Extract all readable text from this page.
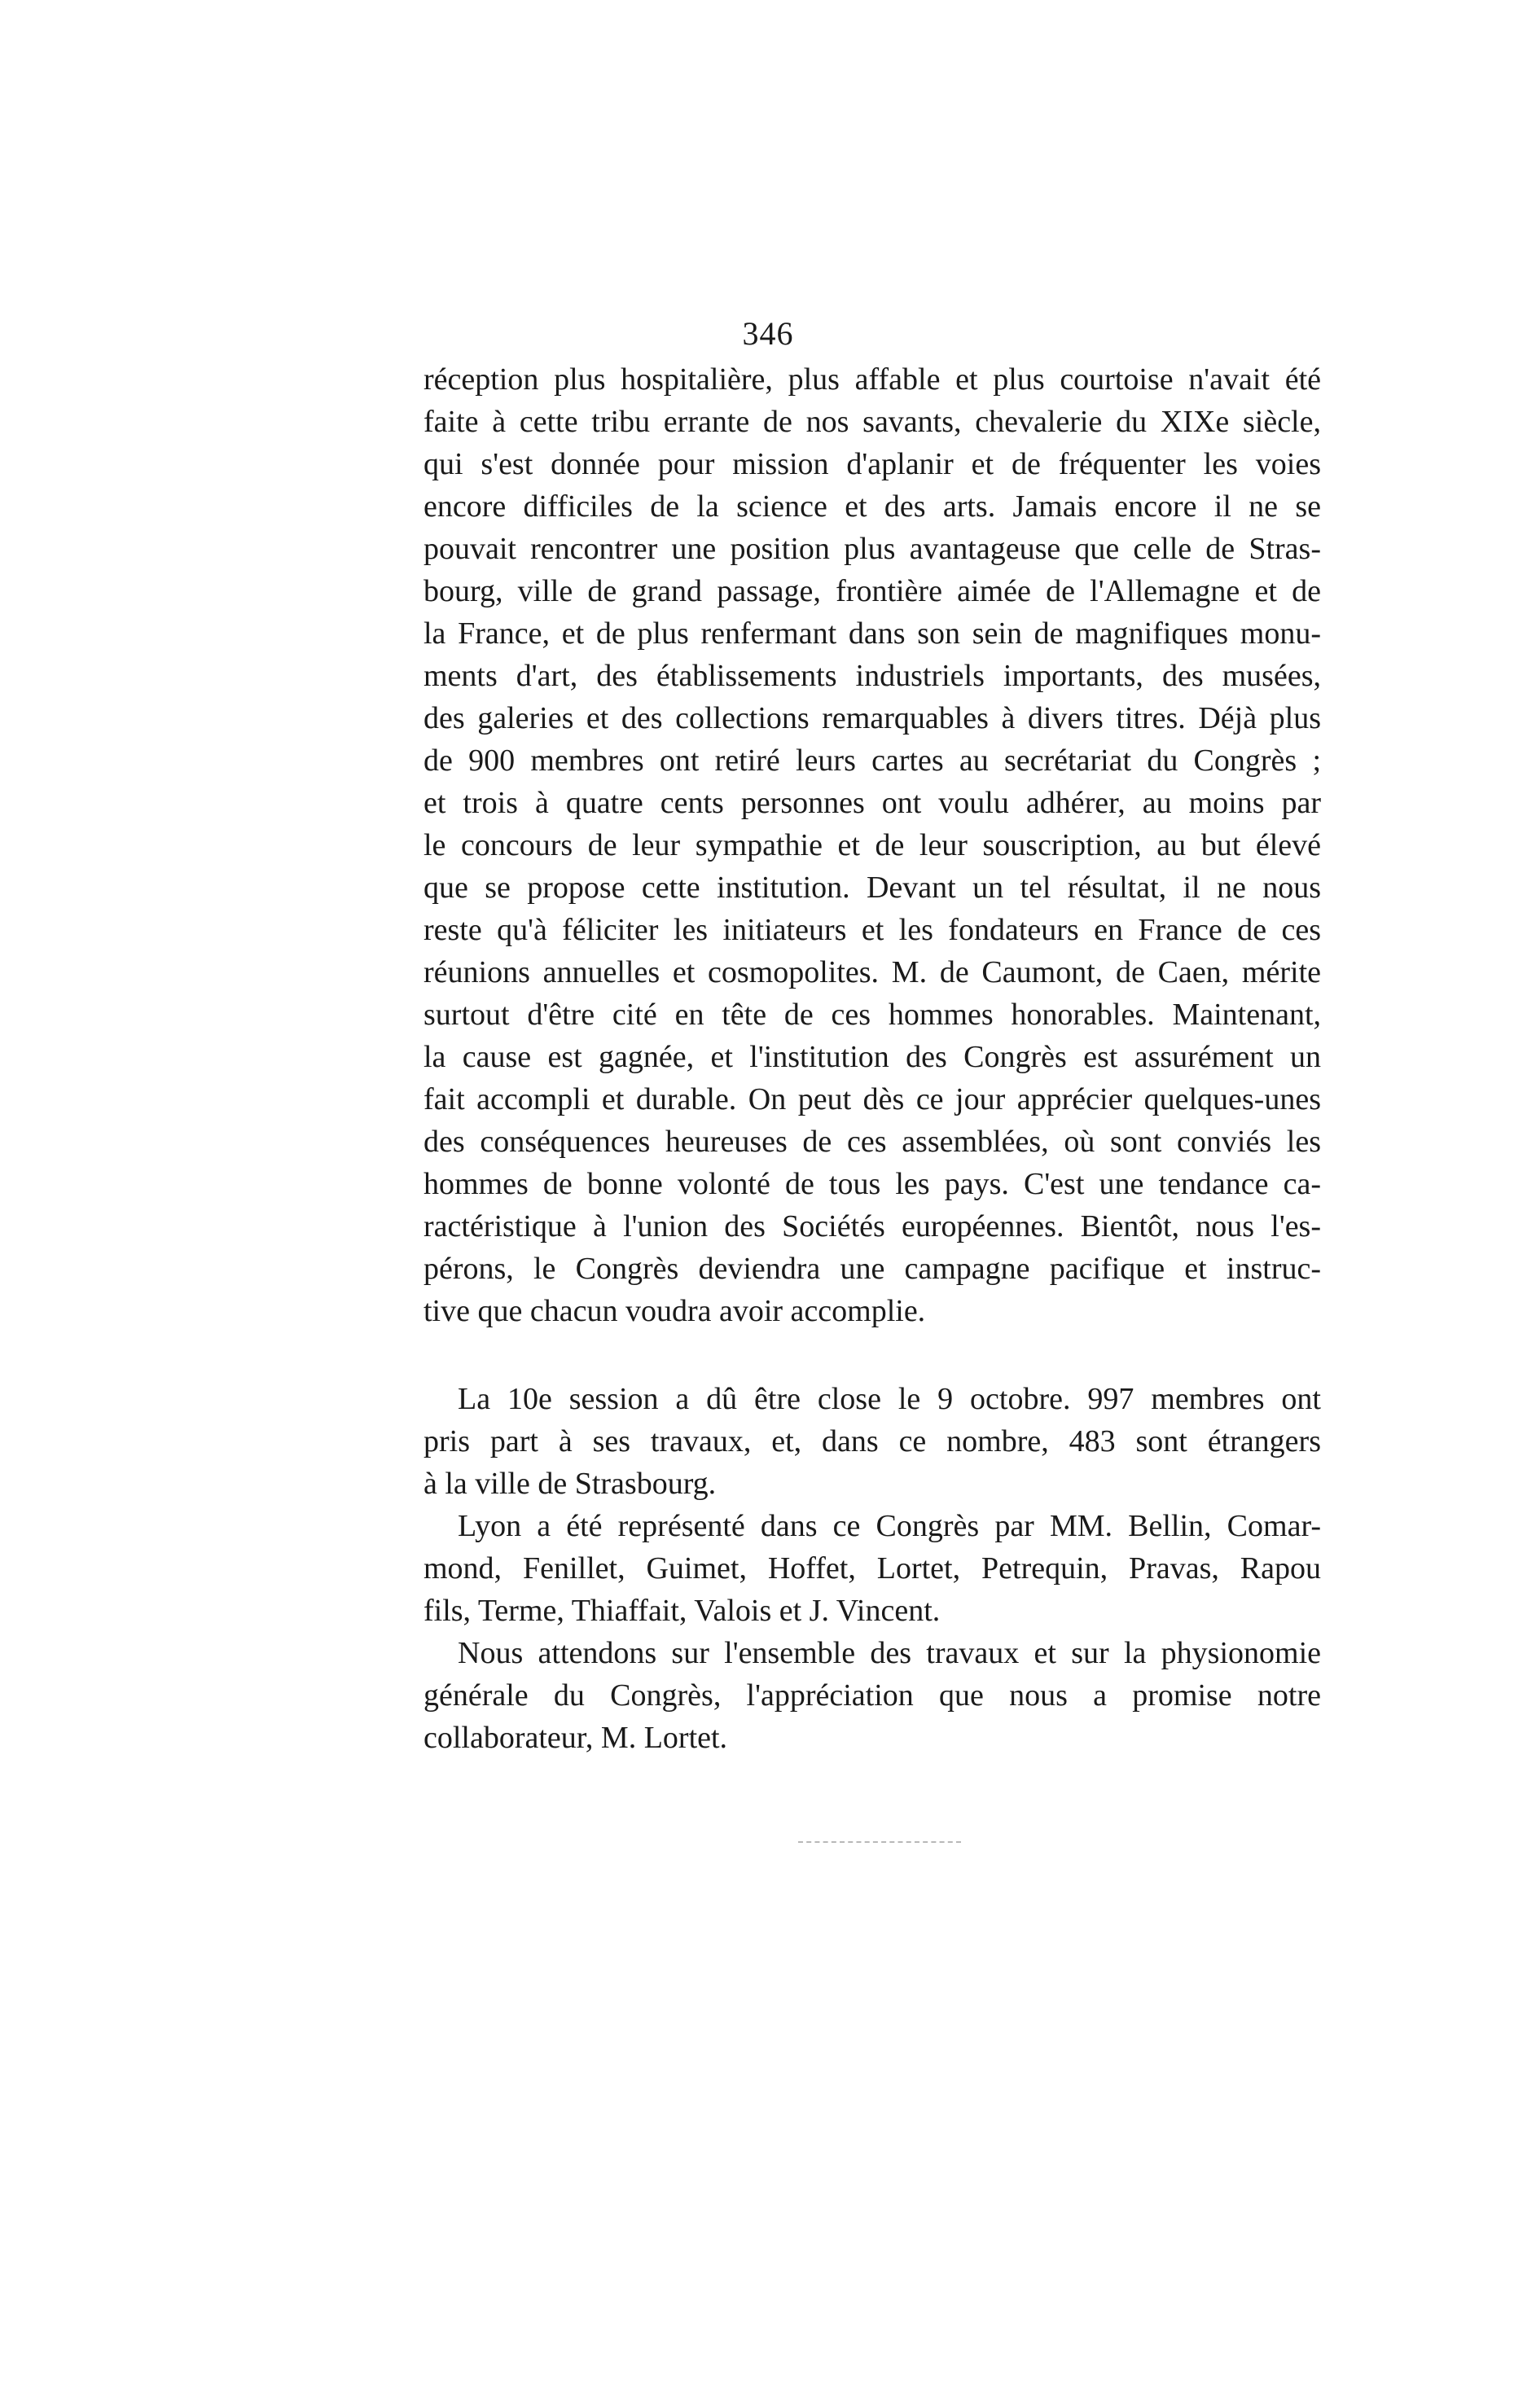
346
réception plus hospitalière, plus affable et plus courtoise n'avait été
faite à cette tribu errante de nos savants, chevalerie du XIXe siècle,
qui s'est donnée pour mission d'aplanir et de fréquenter les voies
encore difficiles de la science et des arts. Jamais encore il ne se
pouvait rencontrer une position plus avantageuse que celle de Stras-
bourg, ville de grand passage, frontière aimée de l'Allemagne et de
la France, et de plus renfermant dans son sein de magnifiques monu-
ments d'art, des établissements industriels importants, des musées,
des galeries et des collections remarquables à divers titres. Déjà plus
de 900 membres ont retiré leurs cartes au secrétariat du Congrès ;
et trois à quatre cents personnes ont voulu adhérer, au moins par
le concours de leur sympathie et de leur souscription, au but élevé
que se propose cette institution. Devant un tel résultat, il ne nous
reste qu'à féliciter les initiateurs et les fondateurs en France de ces
réunions annuelles et cosmopolites. M. de Caumont, de Caen, mérite
surtout d'être cité en tête de ces hommes honorables. Maintenant,
la cause est gagnée, et l'institution des Congrès est assurément un
fait accompli et durable. On peut dès ce jour apprécier quelques-unes
des conséquences heureuses de ces assemblées, où sont conviés les
hommes de bonne volonté de tous les pays. C'est une tendance ca-
ractéristique à l'union des Sociétés européennes. Bientôt, nous l'es-
pérons, le Congrès deviendra une campagne pacifique et instruc-
tive que chacun voudra avoir accomplie.
La 10e session a dû être close le 9 octobre. 997 membres ont
pris part à ses travaux, et, dans ce nombre, 483 sont étrangers
à la ville de Strasbourg.
Lyon a été représenté dans ce Congrès par MM. Bellin, Comar-
mond, Fenillet, Guimet, Hoffet, Lortet, Petrequin, Pravas, Rapou
fils, Terme, Thiaffait, Valois et J. Vincent.
Nous attendons sur l'ensemble des travaux et sur la physionomie
générale du Congrès, l'appréciation que nous a promise notre
collaborateur, M. Lortet.
